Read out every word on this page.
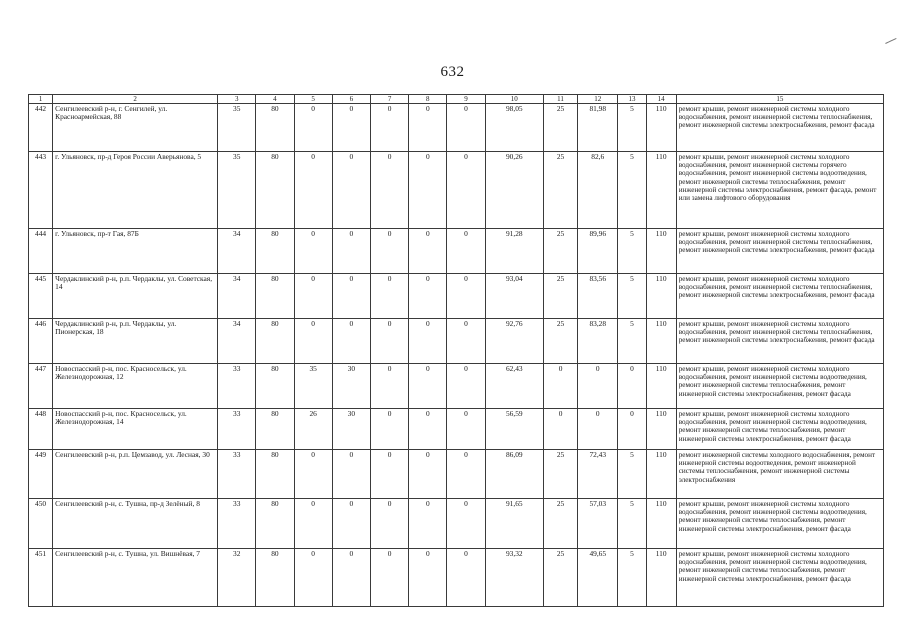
632
1	2	3	4	5	6	7	8	9	10	11	12	13	14	15
442	Сенгилеевский р-н, г. Сенгилей, ул. Красноармейская, 88	35	80	0	0	0	0	0	98,05	25	81,98	5	110	ремонт крыши, ремонт инженерной системы холодного водоснабжения, ремонт инженерной системы теплоснабжения, ремонт инженерной системы электроснабжения, ремонт фасада
443	г. Ульяновск, пр-д Героя России Аверьянова, 5	35	80	0	0	0	0	0	90,26	25	82,6	5	110	ремонт крыши, ремонт инженерной системы холодного водоснабжения, ремонт инженерной системы горячего водоснабжения, ремонт инженерной системы водоотведения, ремонт инженерной системы теплоснабжения, ремонт инженерной системы электроснабжения, ремонт фасада, ремонт или замена лифтового оборудования
444	г. Ульяновск, пр-т Гая, 87Б	34	80	0	0	0	0	0	91,28	25	89,96	5	110	ремонт крыши, ремонт инженерной системы холодного водоснабжения, ремонт инженерной системы теплоснабжения, ремонт инженерной системы электроснабжения, ремонт фасада
445	Чердаклинский р-н, р.п. Чердаклы, ул. Советская, 14	34	80	0	0	0	0	0	93,04	25	83,56	5	110	ремонт крыши, ремонт инженерной системы холодного водоснабжения, ремонт инженерной системы теплоснабжения, ремонт инженерной системы электроснабжения, ремонт фасада
446	Чердаклинский р-н, р.п. Чердаклы, ул. Пионерская, 18	34	80	0	0	0	0	0	92,76	25	83,28	5	110	ремонт крыши, ремонт инженерной системы холодного водоснабжения, ремонт инженерной системы теплоснабжения, ремонт инженерной системы электроснабжения, ремонт фасада
447	Новоспасский р-н, пос. Красносельск, ул. Железнодорожная, 12	33	80	35	30	0	0	0	62,43	0	0	0	110	ремонт крыши, ремонт инженерной системы холодного водоснабжения, ремонт инженерной системы водоотведения, ремонт инженерной системы теплоснабжения, ремонт инженерной системы электроснабжения, ремонт фасада
448	Новоспасский р-н, пос. Красносельск, ул. Железнодорожная, 14	33	80	26	30	0	0	0	56,59	0	0	0	110	ремонт крыши, ремонт инженерной системы холодного водоснабжения, ремонт инженерной системы водоотведения, ремонт инженерной системы теплоснабжения, ремонт инженерной системы электроснабжения, ремонт фасада
449	Сенгилеевский р-н, р.п. Цемзавод, ул. Лесная, 30	33	80	0	0	0	0	0	86,09	25	72,43	5	110	ремонт инженерной системы холодного водоснабжения, ремонт инженерной системы водоотведения, ремонт инженерной системы теплоснабжения, ремонт инженерной системы электроснабжения
450	Сенгилеевский р-н, с. Тушна, пр-д Зелёный, 8	33	80	0	0	0	0	0	91,65	25	57,03	5	110	ремонт крыши, ремонт инженерной системы холодного водоснабжения, ремонт инженерной системы водоотведения, ремонт инженерной системы теплоснабжения, ремонт инженерной системы электроснабжения, ремонт фасада
451	Сенгилеевский р-н, с. Тушна, ул. Вишнёвая, 7	32	80	0	0	0	0	0	93,32	25	49,65	5	110	ремонт крыши, ремонт инженерной системы холодного водоснабжения, ремонт инженерной системы водоотведения, ремонт инженерной системы теплоснабжения, ремонт инженерной системы электроснабжения, ремонт фасада
